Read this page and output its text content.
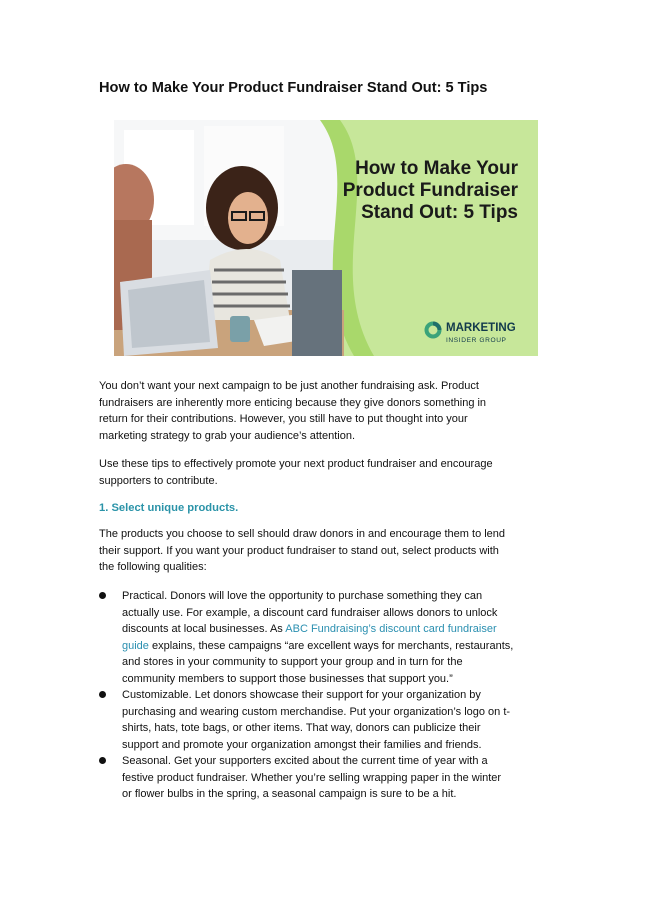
How to Make Your Product Fundraiser Stand Out: 5 Tips
How to Make Your
Product Fundraiser
Stand Out: 5 Tips
MARKETING
INSIDER GROUP
You don’t want your next campaign to be just another fundraising ask. Product
fundraisers are inherently more enticing because they give donors something in
return for their contributions. However, you still have to put thought into your
marketing strategy to grab your audience’s attention.
Use these tips to effectively promote your next product fundraiser and encourage
supporters to contribute.
1. Select unique products.
The products you choose to sell should draw donors in and encourage them to lend
their support. If you want your product fundraiser to stand out, select products with
the following qualities:
Practical. Donors will love the opportunity to purchase something they can
actually use. For example, a discount card fundraiser allows donors to unlock
discounts at local businesses. As ABC Fundraising’s discount card fundraiser
guide explains, these campaigns “are excellent ways for merchants, restaurants,
and stores in your community to support your group and in turn for the
community members to support those businesses that support you.”
Customizable. Let donors showcase their support for your organization by
purchasing and wearing custom merchandise. Put your organization’s logo on t-
shirts, hats, tote bags, or other items. That way, donors can publicize their
support and promote your organization amongst their families and friends.
Seasonal. Get your supporters excited about the current time of year with a
festive product fundraiser. Whether you’re selling wrapping paper in the winter
or flower bulbs in the spring, a seasonal campaign is sure to be a hit.
